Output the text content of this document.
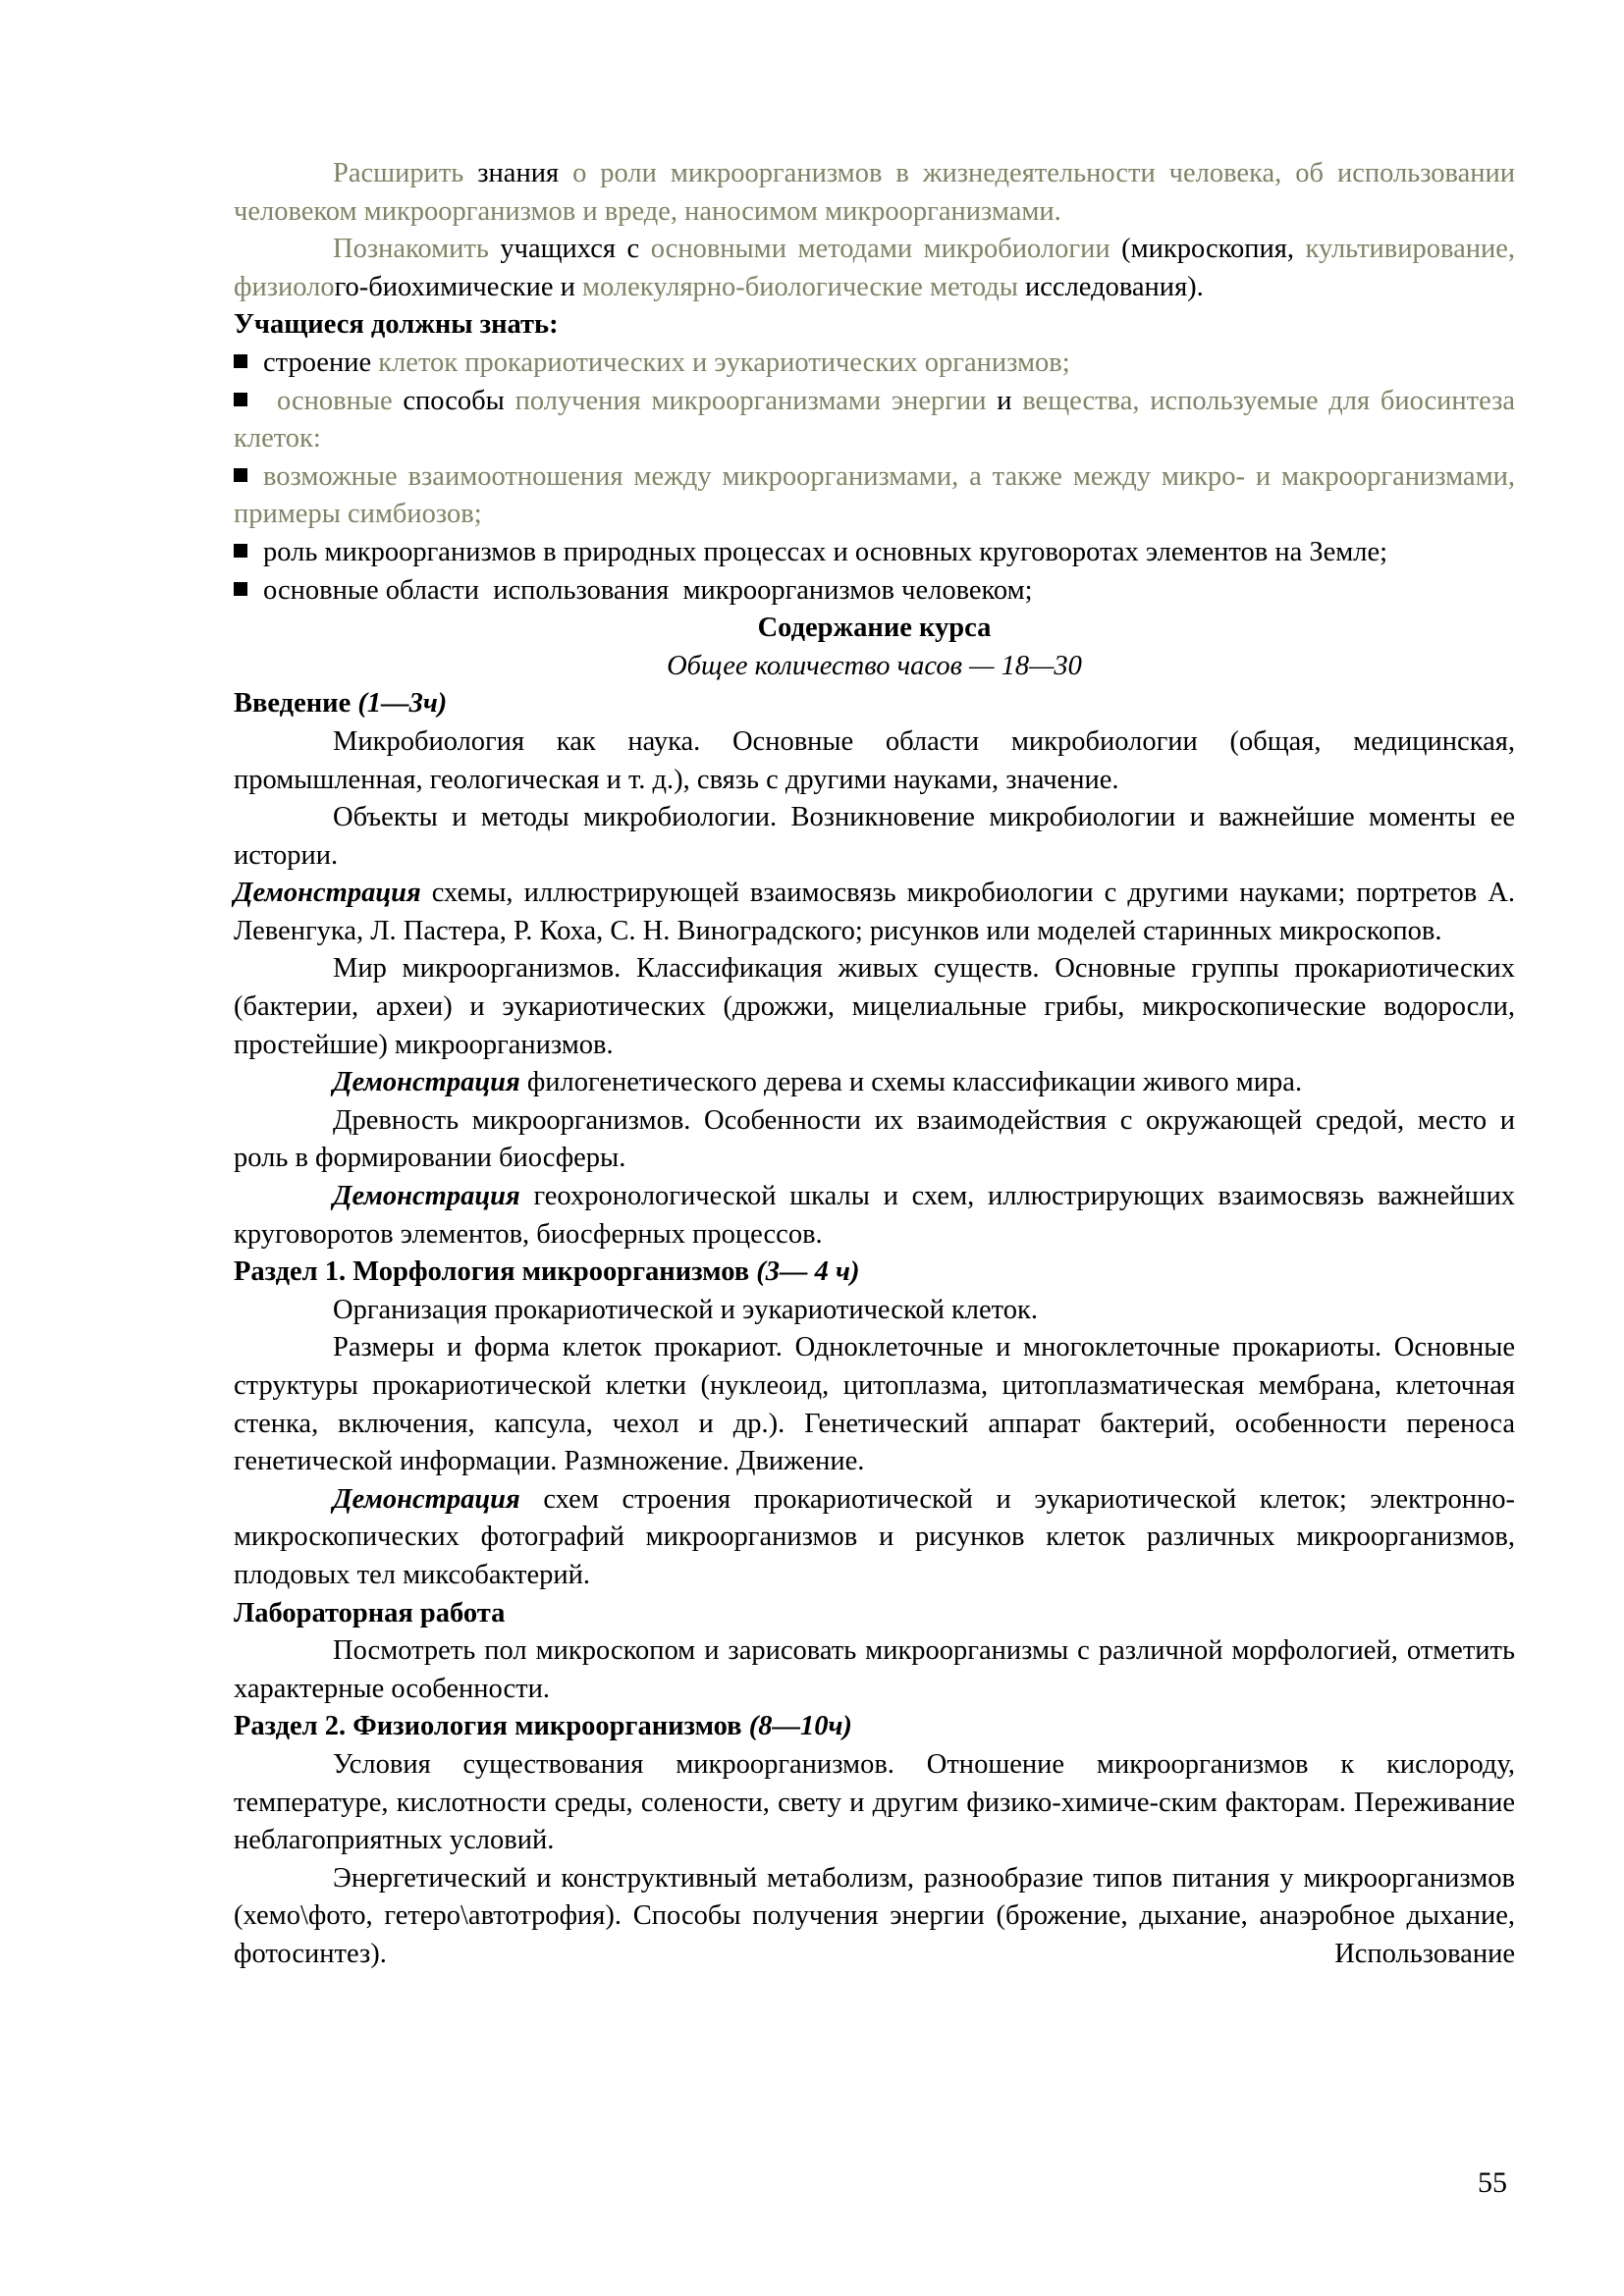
Расширить знания о роли микроорганизмов в жизнедеятельности человека, об использовании человеком микроорганизмов и вреде, наносимом микроорганизмами.

Познакомить учащихся с основными методами микробиологии (микроскопия, культивирование, физиолого-биохимические и молекулярно-биологические методы исследования).

Учащиеся должны знать:

строение клеток прокариотических и эукариотических организмов;

основные способы получения микроорганизмами энергии и вещества, используемые для биосинтеза клеток:

возможные взаимоотношения между микроорганизмами, а также между микро- и макроорганизмами, примеры симбиозов;

роль микроорганизмов в природных процессах и основных круговоротах элементов на Земле;

основные области  использования  микроорганизмов человеком;

Содержание курса

Общее количество часов — 18—30

Введение (1—3ч)

Микробиология как наука. Основные области микробиологии (общая, медицинская, промышленная, геологическая и т. д.), связь с другими науками, значение.

Объекты и методы микробиологии. Возникновение микробиологии и важнейшие моменты ее истории.

Демонстрация схемы, иллюстрирующей взаимосвязь микробиологии с другими науками; портретов А. Левенгука, Л. Пастера, Р. Коха, С. Н. Виноградского; рисунков или моделей старинных микроскопов.

Мир микроорганизмов. Классификация живых существ. Основные группы прокариотических (бактерии, археи) и эукариотических (дрожжи, мицелиальные грибы, микроскопические водоросли, простейшие) микроорганизмов.

Демонстрация филогенетического дерева и схемы классификации живого мира.

Древность микроорганизмов. Особенности их взаимодействия с окружающей средой, место и роль в формировании биосферы.

Демонстрация геохронологической шкалы и схем, иллюстрирующих взаимосвязь важнейших круговоротов элементов, биосферных процессов.

Раздел 1. Морфология микроорганизмов (3— 4 ч)

Организация прокариотической и эукариотической клеток.

Размеры и форма клеток прокариот. Одноклеточные и многоклеточные прокариоты. Основные структуры прокариотической клетки (нуклеоид, цитоплазма, цитоплазматическая мембрана, клеточная стенка, включения, капсула, чехол и др.). Генетический аппарат бактерий, особенности переноса генетической информации. Размножение. Движение.

Демонстрация схем строения прокариотической и эукариотической клеток; электронно-микроскопических фотографий микроорганизмов и рисунков клеток различных микроорганизмов, плодовых тел миксобактерий.

Лабораторная работа

Посмотреть пол микроскопом и зарисовать микроорганизмы с различной морфологией, отметить характерные особенности.

Раздел 2. Физиология микроорганизмов (8—10ч)

Условия существования микроорганизмов. Отношение микроорганизмов к кислороду, температуре, кислотности среды, солености, свету и другим физико-химиче-ским факторам. Переживание неблагоприятных условий.

Энергетический и конструктивный метаболизм, разнообразие типов питания у микроорганизмов (хемо\фото, гетеро\автотрофия). Способы получения энергии (брожение, дыхание, анаэробное дыхание, фотосинтез). Использование

55
